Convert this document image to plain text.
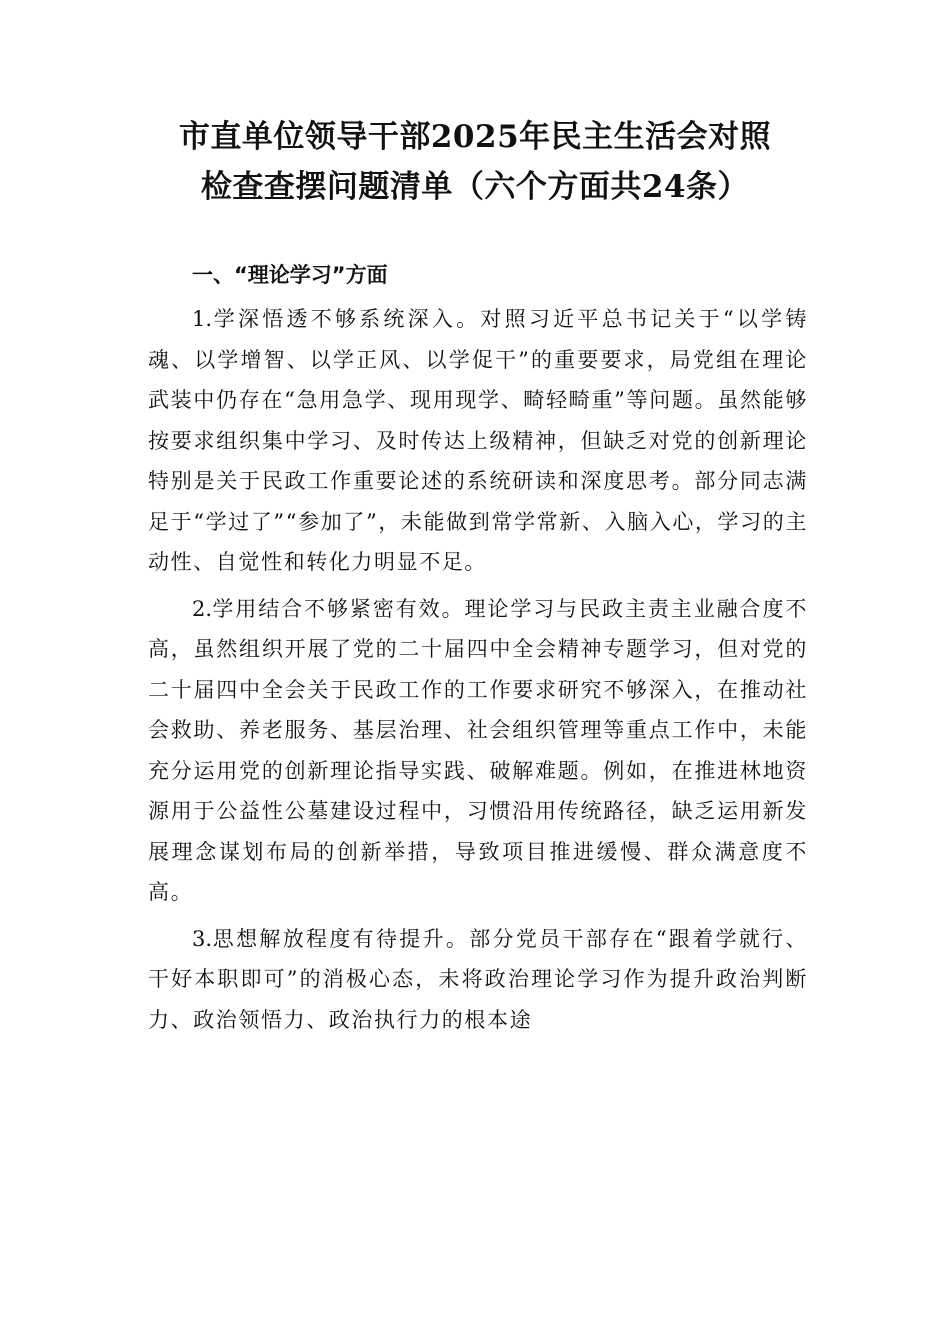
市直单位领导干部2025年民主生活会对照
检查查摆问题清单（六个方面共24条）
一、“理论学习”方面

1.学深悟透不够系统深入。对照习近平总书记关于“以学铸魂、以学增智、以学正风、以学促干”的重要要求，局党组在理论武装中仍存在“急用急学、现用现学、畸轻畸重”等问题。虽然能够按要求组织集中学习、及时传达上级精神，但缺乏对党的创新理论特别是关于民政工作重要论述的系统研读和深度思考。部分同志满足于“学过了”“参加了”，未能做到常学常新、入脑入心，学习的主动性、自觉性和转化力明显不足。

2.学用结合不够紧密有效。理论学习与民政主责主业融合度不高，虽然组织开展了党的二十届四中全会精神专题学习，但对党的二十届四中全会关于民政工作的工作要求研究不够深入，在推动社会救助、养老服务、基层治理、社会组织管理等重点工作中，未能充分运用党的创新理论指导实践、破解难题。例如，在推进林地资源用于公益性公墓建设过程中，习惯沿用传统路径，缺乏运用新发展理念谋划布局的创新举措，导致项目推进缓慢、群众满意度不高。

3.思想解放程度有待提升。部分党员干部存在“跟着学就行、干好本职即可”的消极心态，未将政治理论学习作为提升政治判断力、政治领悟力、政治执行力的根本途
